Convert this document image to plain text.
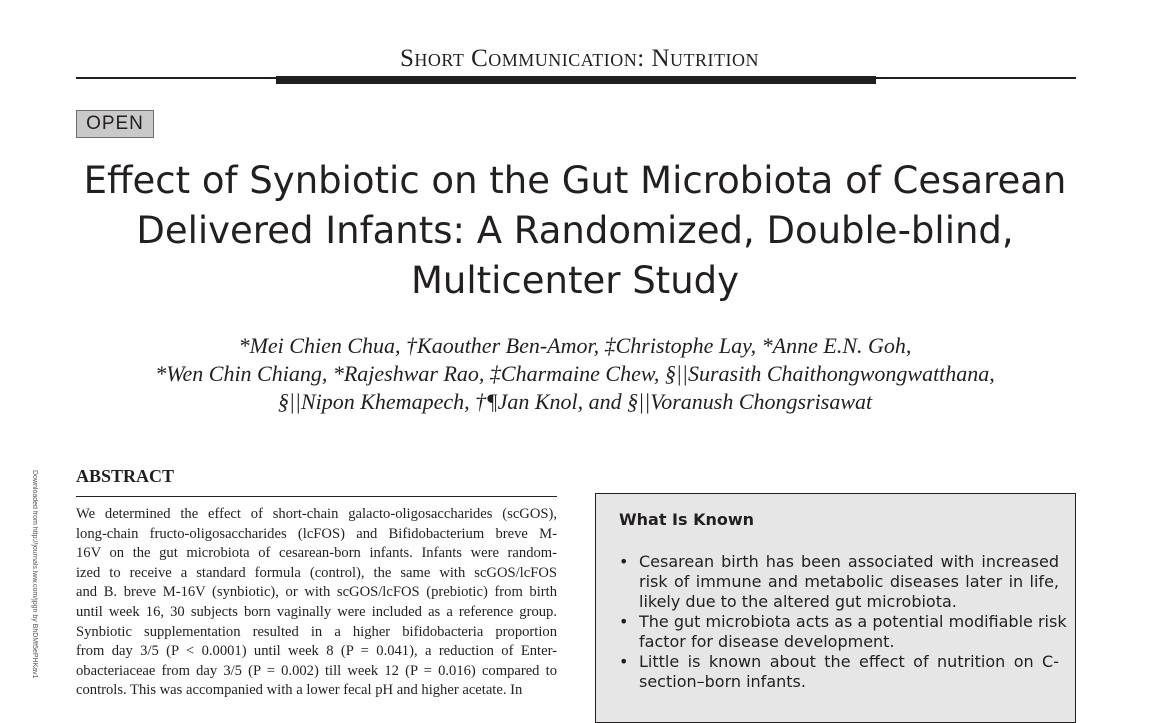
Short Communication: Nutrition
OPEN
Effect of Synbiotic on the Gut Microbiota of Cesarean
Delivered Infants: A Randomized, Double-blind,
Multicenter Study
*Mei Chien Chua, †Kaouther Ben-Amor, ‡Christophe Lay, *Anne E.N. Goh,
*Wen Chin Chiang, *Rajeshwar Rao, ‡Charmaine Chew, §||Surasith Chaithongwongwatthana,
§||Nipon Khemapech, †¶Jan Knol, and §||Voranush Chongsrisawat
Downloaded from http://journals.lww.com/jpgn by BhDMf5ePHKav1 ABSTRACT
We determined the effect of short-chain galacto-oligosaccharides (scGOS),
long-chain fructo-oligosaccharides (lcFOS) and Bifidobacterium breve M-
16V on the gut microbiota of cesarean-born infants. Infants were random-
ized to receive a standard formula (control), the same with scGOS/lcFOS
and B. breve M-16V (synbiotic), or with scGOS/lcFOS (prebiotic) from birth
until week 16, 30 subjects born vaginally were included as a reference group.
Synbiotic supplementation resulted in a higher bifidobacteria proportion
from day 3/5 (P < 0.0001) until week 8 (P = 0.041), a reduction of Enter-
obacteriaceae from day 3/5 (P = 0.002) till week 12 (P = 0.016) compared to
controls. This was accompanied with a lower fecal pH and higher acetate. In
What Is Known
• Cesarean birth has been associated with increased
risk of immune and metabolic diseases later in life,
likely due to the altered gut microbiota.
• The gut microbiota acts as a potential modifiable risk
factor for disease development.
• Little is known about the effect of nutrition on C-
section–born infants.
